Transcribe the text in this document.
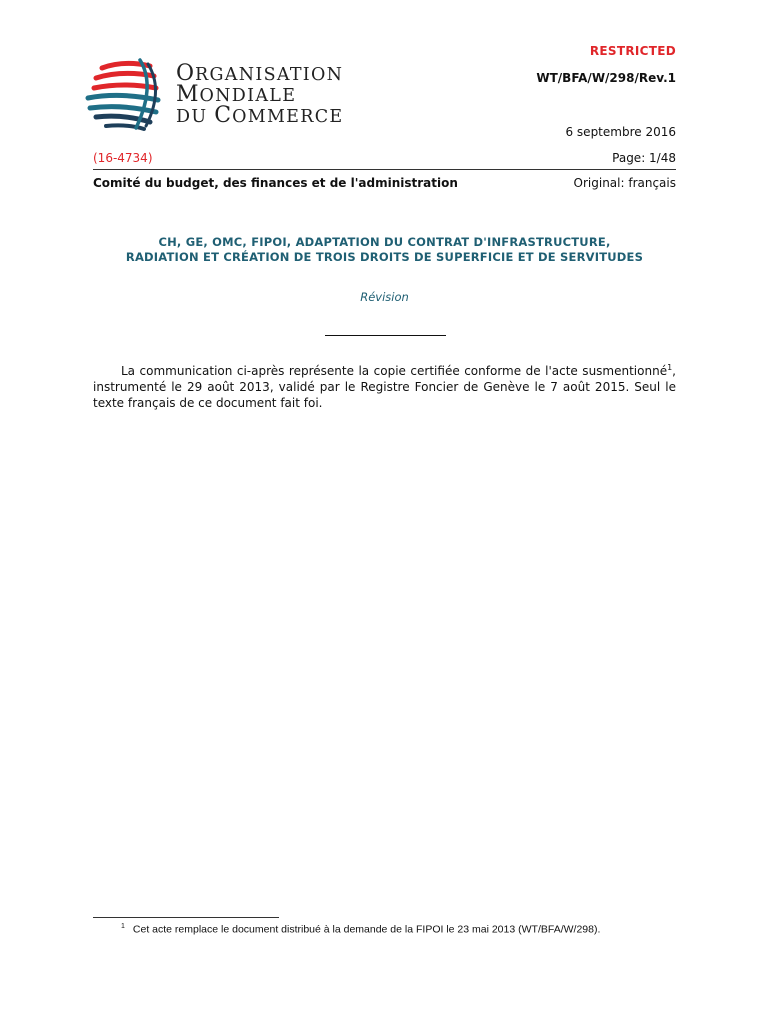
ORGANISATION
MONDIALE
DU COMMERCE
RESTRICTED
WT/BFA/W/298/Rev.1
6 septembre 2016
(16-4734)	Page: 1/48
Comité du budget, des finances et de l'administration	Original: français
CH, GE, OMC, FIPOI, ADAPTATION DU CONTRAT D'INFRASTRUCTURE,
RADIATION ET CRÉATION DE TROIS DROITS DE SUPERFICIE ET DE SERVITUDES
Révision
La communication ci-après représente la copie certifiée conforme de l'acte susmentionné$^1$, instrumenté le 29 août 2013, validé par le Registre Foncier de Genève le 7 août 2015. Seul le texte français de ce document fait foi.
$^1$ Cet acte remplace le document distribué à la demande de la FIPOI le 23 mai 2013 (WT/BFA/W/298).
